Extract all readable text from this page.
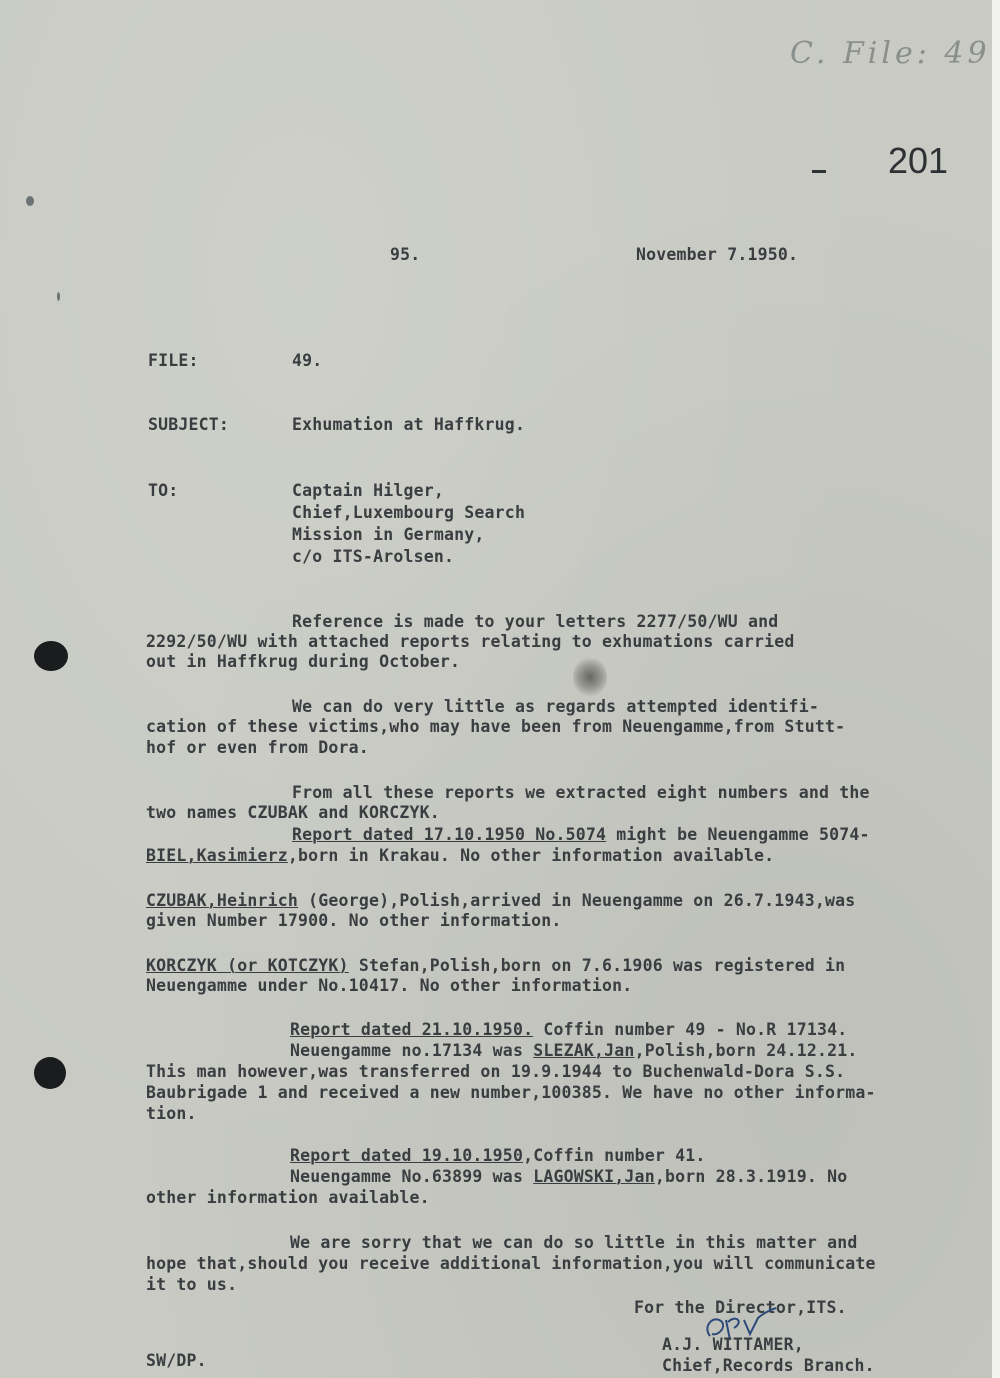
C. File: 49
201
95.	November 7.1950.
FILE:	49.
SUBJECT:	Exhumation at Haffkrug.
TO:	Captain Hilger,
Chief,Luxembourg Search
Mission in Germany,
c/o ITS-Arolsen.
Reference is made to your letters 2277/50/WU and
2292/50/WU with attached reports relating to exhumations carried
out in Haffkrug during October.
We can do very little as regards attempted identifi-
cation of these victims,who may have been from Neuengamme,from Stutt-
hof or even from Dora.
From all these reports we extracted eight numbers and the
two names CZUBAK and KORCZYK.
Report dated 17.10.1950 No.5074 might be Neuengamme 5074-
BIEL,Kasimierz,born in Krakau. No other information available.
CZUBAK,Heinrich (George),Polish,arrived in Neuengamme on 26.7.1943,was
given Number 17900. No other information.
KORCZYK (or KOTCZYK) Stefan,Polish,born on 7.6.1906 was registered in
Neuengamme under No.10417. No other information.
Report dated 21.10.1950. Coffin number 49 - No.R 17134.
Neuengamme no.17134 was SLEZAK,Jan,Polish,born 24.12.21.
This man however,was transferred on 19.9.1944 to Buchenwald-Dora S.S.
Baubrigade 1 and received a new number,100385. We have no other informa-
tion.
Report dated 19.10.1950,Coffin number 41.
Neuengamme No.63899 was LAGOWSKI,Jan,born 28.3.1919. No
other information available.
We are sorry that we can do so little in this matter and
hope that,should you receive additional information,you will communicate
it to us.
For the Director,ITS.
A.J. WITTAMER,
Chief,Records Branch.
SW/DP.
